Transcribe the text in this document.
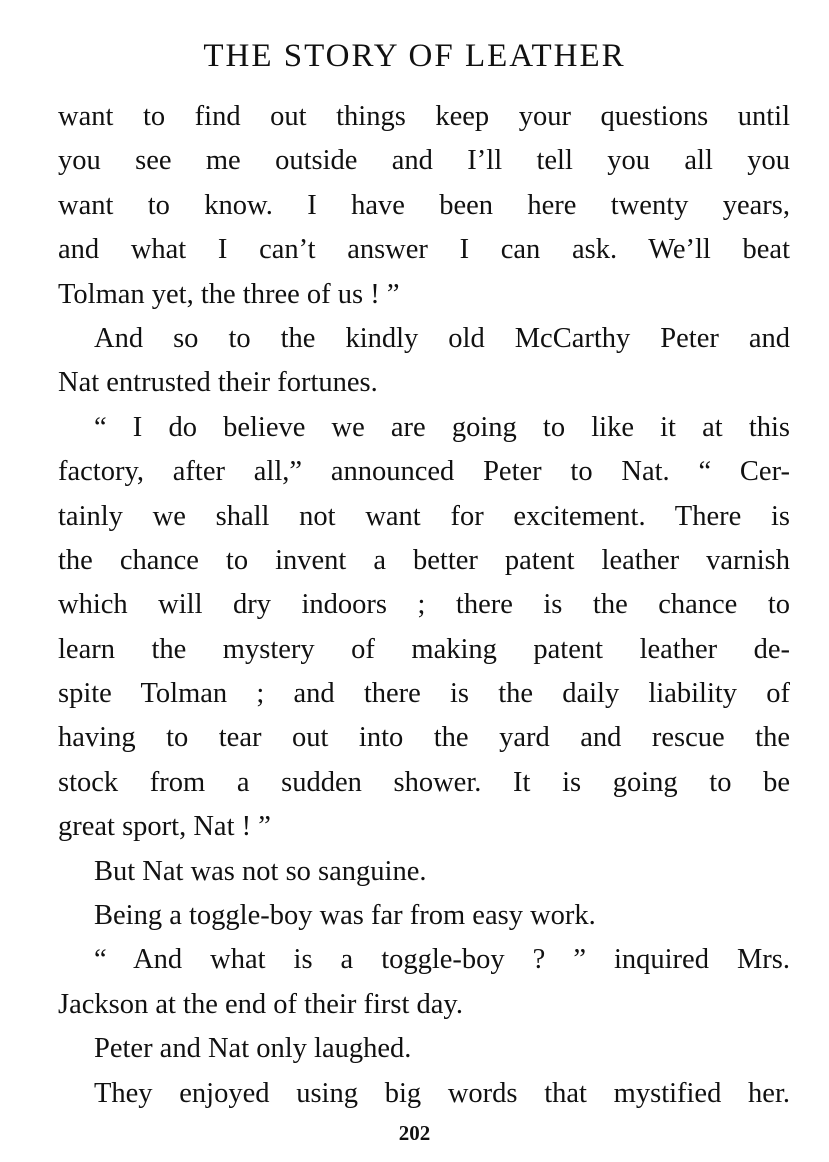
THE STORY OF LEATHER
want to find out things keep your questions until
you see me outside and I’ll tell you all you
want to know. I have been here twenty years,
and what I can’t answer I can ask. We’ll beat
Tolman yet, the three of us ! ”
And so to the kindly old McCarthy Peter and
Nat entrusted their fortunes.
“ I do believe we are going to like it at this
factory, after all,” announced Peter to Nat. “ Cer-
tainly we shall not want for excitement. There is
the chance to invent a better patent leather varnish
which will dry indoors ; there is the chance to
learn the mystery of making patent leather de-
spite Tolman ; and there is the daily liability of
having to tear out into the yard and rescue the
stock from a sudden shower. It is going to be
great sport, Nat ! ”
But Nat was not so sanguine.
Being a toggle-boy was far from easy work.
“ And what is a toggle-boy ? ” inquired Mrs.
Jackson at the end of their first day.
Peter and Nat only laughed.
They enjoyed using big words that mystified her.
202
